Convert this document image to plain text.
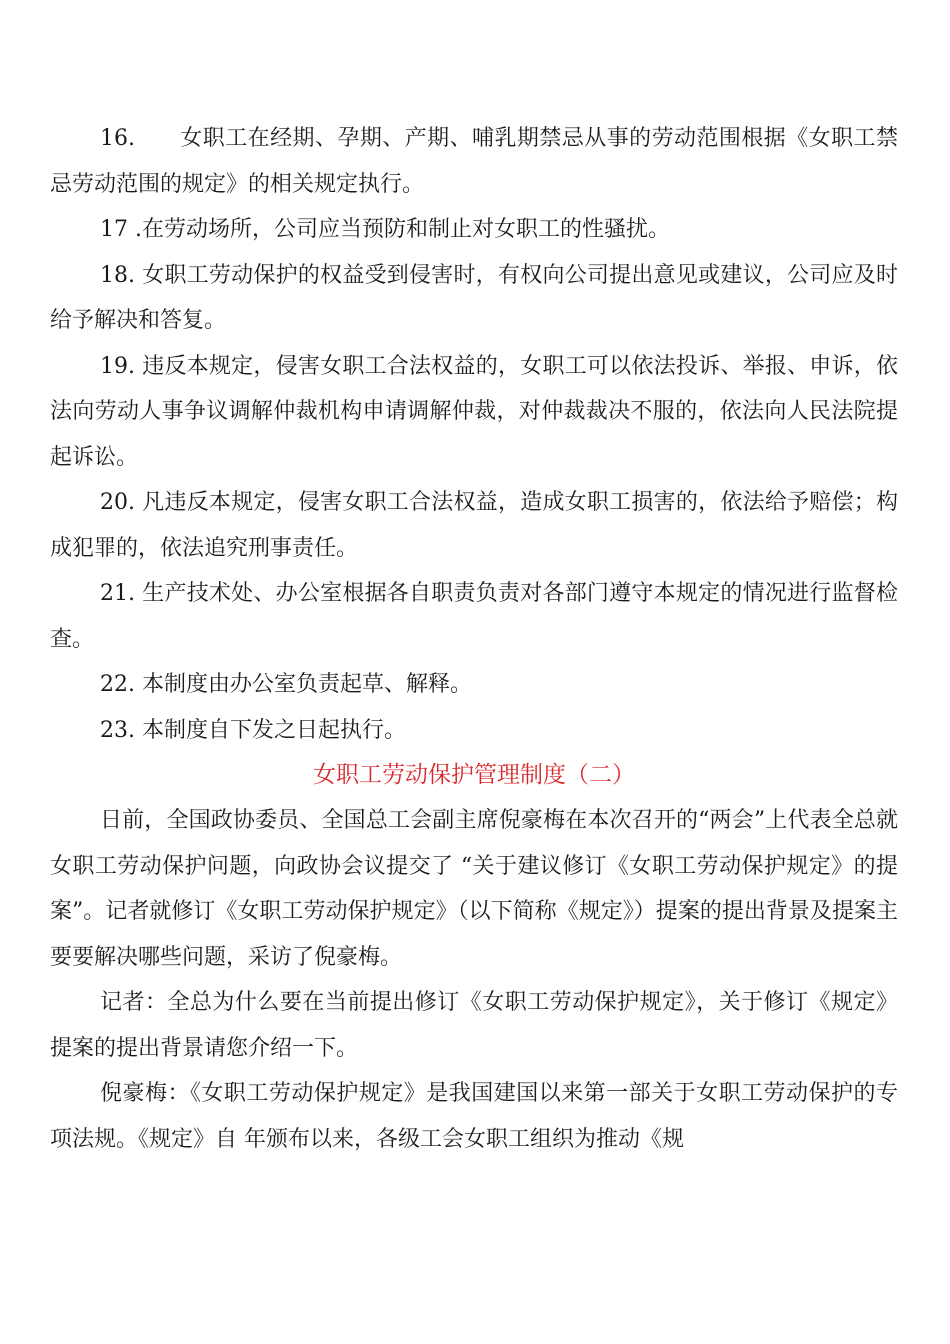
16.　　女职工在经期、孕期、产期、哺乳期禁忌从事的劳动范围根据《女职工禁忌劳动范围的规定》的相关规定执行。

17 .在劳动场所，公司应当预防和制止对女职工的性骚扰。

18. 女职工劳动保护的权益受到侵害时，有权向公司提出意见或建议，公司应及时给予解决和答复。

19. 违反本规定，侵害女职工合法权益的，女职工可以依法投诉、举报、申诉，依法向劳动人事争议调解仲裁机构申请调解仲裁，对仲裁裁决不服的，依法向人民法院提起诉讼。

20. 凡违反本规定，侵害女职工合法权益，造成女职工损害的，依法给予赔偿；构成犯罪的，依法追究刑事责任。

21. 生产技术处、办公室根据各自职责负责对各部门遵守本规定的情况进行监督检查。

22. 本制度由办公室负责起草、解释。

23. 本制度自下发之日起执行。

女职工劳动保护管理制度（二）

日前，全国政协委员、全国总工会副主席倪豪梅在本次召开的“两会”上代表全总就女职工劳动保护问题，向政协会议提交了 “关于建议修订《女职工劳动保护规定》的提案”。记者就修订《女职工劳动保护规定》（以下简称《规定》）提案的提出背景及提案主要要解决哪些问题，采访了倪豪梅。

记者：全总为什么要在当前提出修订《女职工劳动保护规定》，关于修订《规定》提案的提出背景请您介绍一下。

倪豪梅：《女职工劳动保护规定》是我国建国以来第一部关于女职工劳动保护的专项法规。《规定》自 年颁布以来，各级工会女职工组织为推动《规
